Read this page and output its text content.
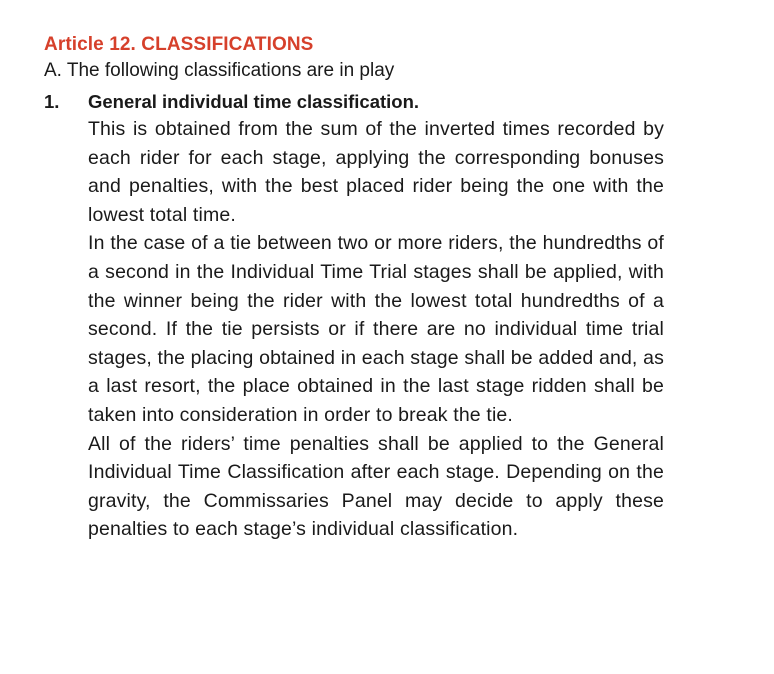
Article 12. CLASSIFICATIONS

A. The following classifications are in play

1.	General individual time classification.

This is obtained from the sum of the inverted times recorded by each rider for each stage, applying the corresponding bonuses and penalties, with the best placed rider being the one with the lowest total time.

In the case of a tie between two or more riders, the hundredths of a second in the Individual Time Trial stages shall be applied, with the winner being the rider with the lowest total hundredths of a second. If the tie persists or if there are no individual time trial stages, the placing obtained in each stage shall be added and, as a last resort, the place obtained in the last stage ridden shall be taken into consideration in order to break the tie.

All of the riders’ time penalties shall be applied to the General Individual Time Classification after each stage. Depending on the gravity, the Commissaries Panel may decide to apply these penalties to each stage’s individual classification.
